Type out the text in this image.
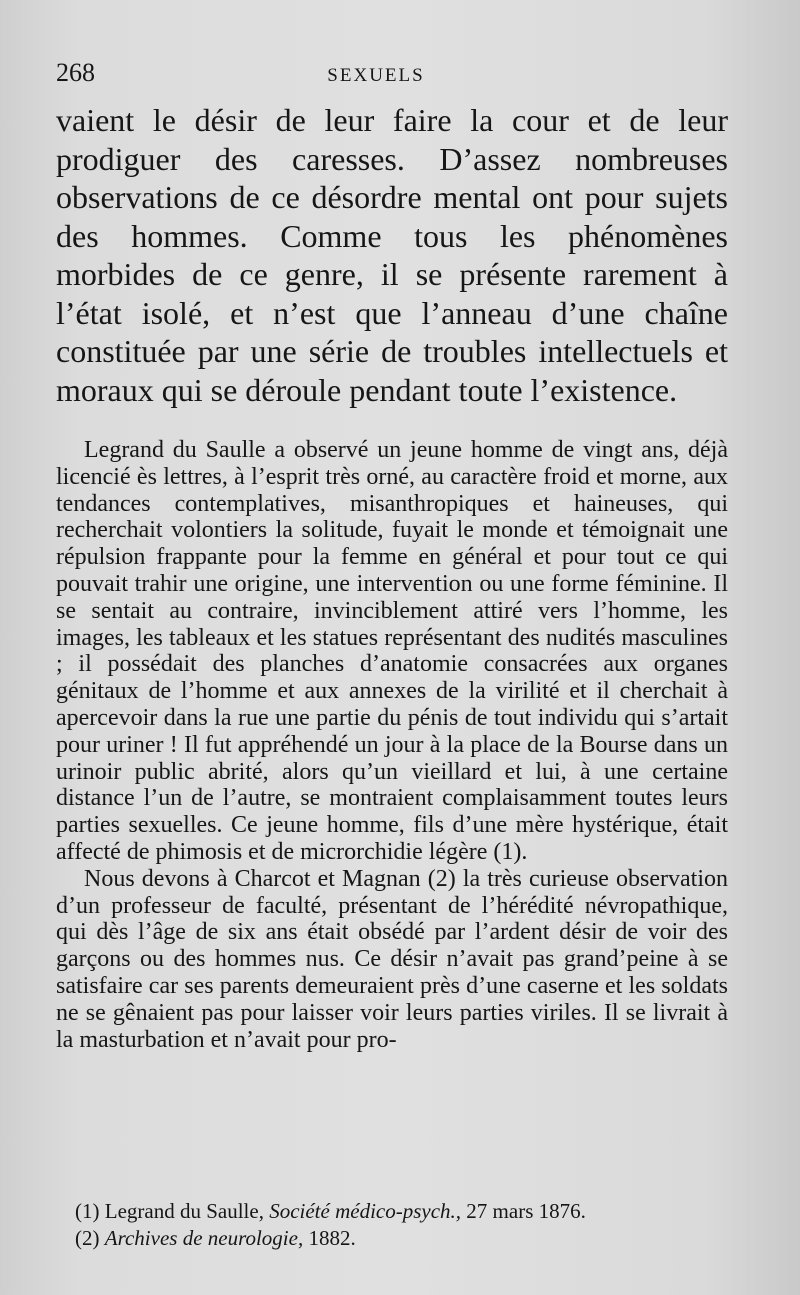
268	SEXUELS

vaient le désir de leur faire la cour et de leur prodiguer des caresses. D’assez nombreuses observations de ce désordre mental ont pour sujets des hommes. Comme tous les phénomènes morbides de ce genre, il se présente rarement à l’état isolé, et n’est que l’anneau d’une chaîne constituée par une série de troubles intellectuels et moraux qui se déroule pendant toute l’existence.

Legrand du Saulle a observé un jeune homme de vingt ans, déjà licencié ès lettres, à l’esprit très orné, au caractère froid et morne, aux tendances contemplatives, misanthropiques et haineuses, qui recherchait volontiers la solitude, fuyait le monde et témoignait une répulsion frappante pour la femme en général et pour tout ce qui pouvait trahir une origine, une intervention ou une forme féminine. Il se sentait au contraire, invinciblement attiré vers l’homme, les images, les tableaux et les statues représentant des nudités masculines ; il possédait des planches d’anatomie consacrées aux organes génitaux de l’homme et aux annexes de la virilité et il cherchait à apercevoir dans la rue une partie du pénis de tout individu qui s’artait pour uriner ! Il fut appréhendé un jour à la place de la Bourse dans un urinoir public abrité, alors qu’un vieillard et lui, à une certaine distance l’un de l’autre, se montraient complaisamment toutes leurs parties sexuelles. Ce jeune homme, fils d’une mère hystérique, était affecté de phimosis et de microrchidie légère (1).

Nous devons à Charcot et Magnan (2) la très curieuse observation d’un professeur de faculté, présentant de l’hérédité névropathique, qui dès l’âge de six ans était obsédé par l’ardent désir de voir des garçons ou des hommes nus. Ce désir n’avait pas grand’peine à se satisfaire car ses parents demeuraient près d’une caserne et les soldats ne se gênaient pas pour laisser voir leurs parties viriles. Il se livrait à la masturbation et n’avait pour pro-

(1) Legrand du Saulle, Société médico-psych., 27 mars 1876.

(2) Archives de neurologie, 1882.
